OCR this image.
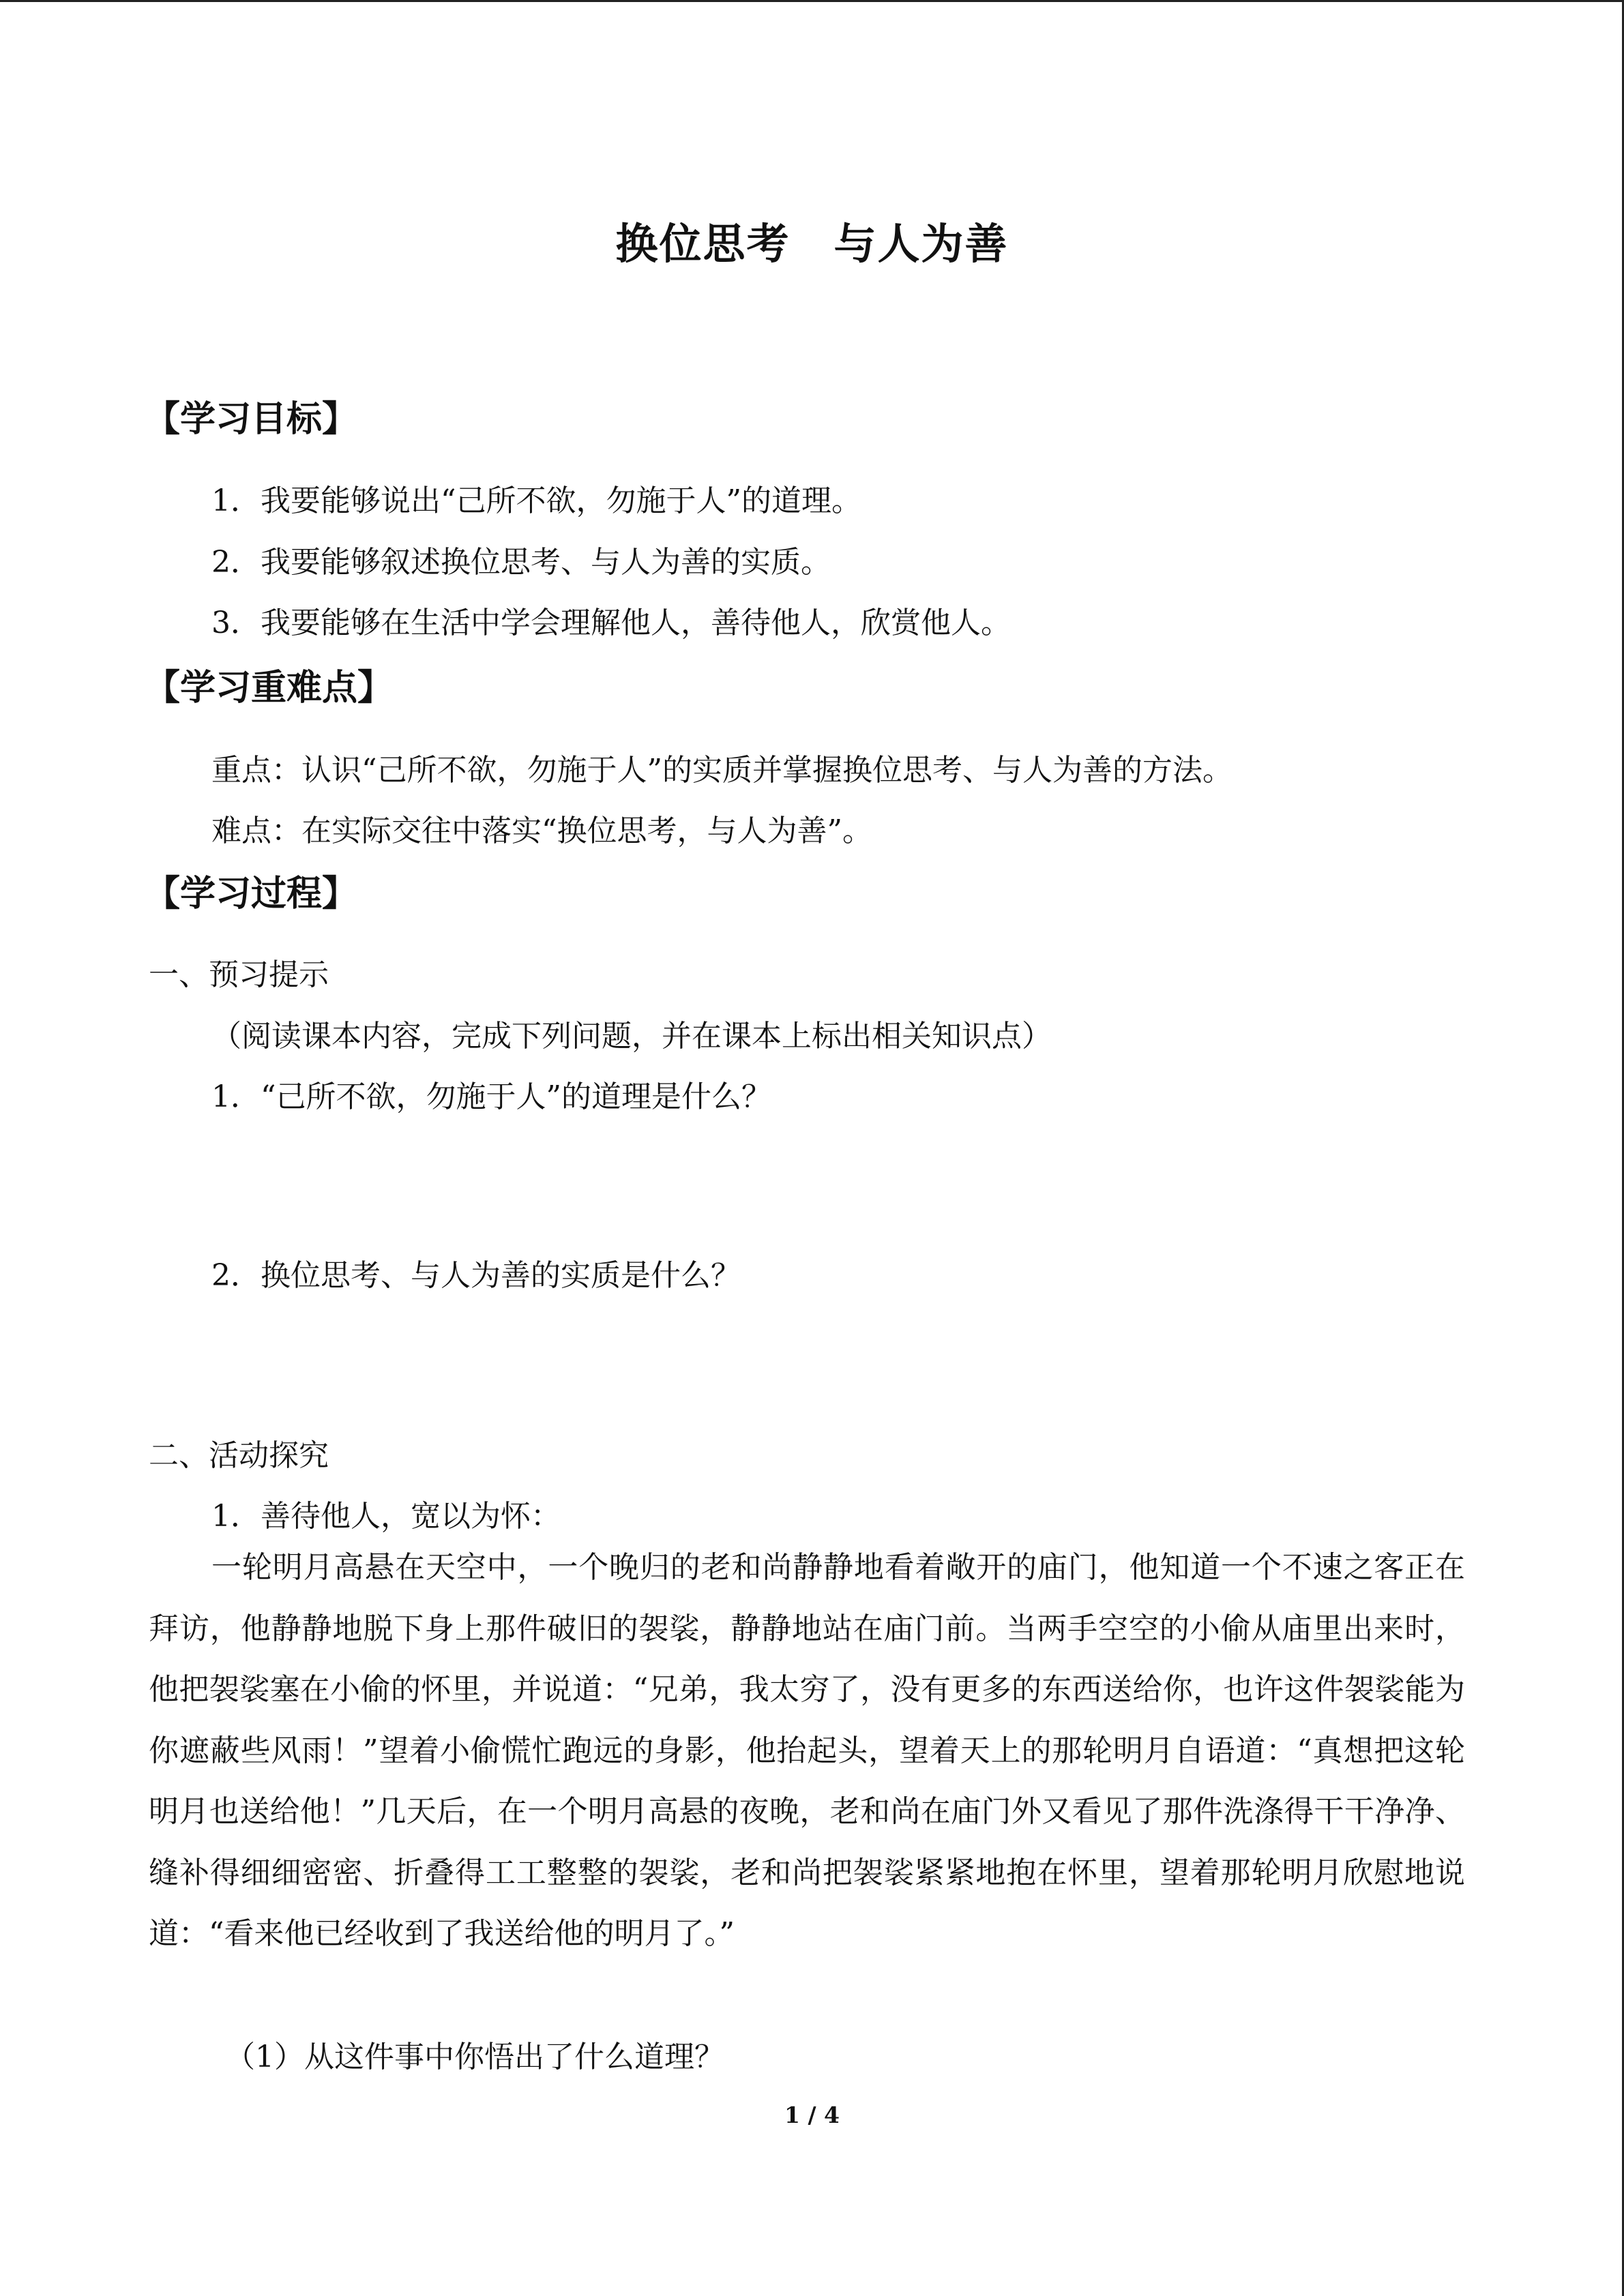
换位思考　与人为善
【学习目标】
1．我要能够说出“己所不欲，勿施于人”的道理。
2．我要能够叙述换位思考、与人为善的实质。
3．我要能够在生活中学会理解他人，善待他人，欣赏他人。
【学习重难点】
重点：认识“己所不欲，勿施于人”的实质并掌握换位思考、与人为善的方法。
难点：在实际交往中落实“换位思考，与人为善”。
【学习过程】
一、预习提示
（阅读课本内容，完成下列问题，并在课本上标出相关知识点）
1．“己所不欲，勿施于人”的道理是什么？
2．换位思考、与人为善的实质是什么？
二、活动探究
1．善待他人，宽以为怀：
一轮明月高悬在天空中，一个晚归的老和尚静静地看着敞开的庙门，他知道一个不速之客正在拜访，他静静地脱下身上那件破旧的袈裟，静静地站在庙门前。当两手空空的小偷从庙里出来时，他把袈裟塞在小偷的怀里，并说道：“兄弟，我太穷了，没有更多的东西送给你，也许这件袈裟能为你遮蔽些风雨！”望着小偷慌忙跑远的身影，他抬起头，望着天上的那轮明月自语道：“真想把这轮明月也送给他！”几天后，在一个明月高悬的夜晚，老和尚在庙门外又看见了那件洗涤得干干净净、缝补得细细密密、折叠得工工整整的袈裟，老和尚把袈裟紧紧地抱在怀里，望着那轮明月欣慰地说道：“看来他已经收到了我送给他的明月了。”
（1）从这件事中你悟出了什么道理？
1 / 4
